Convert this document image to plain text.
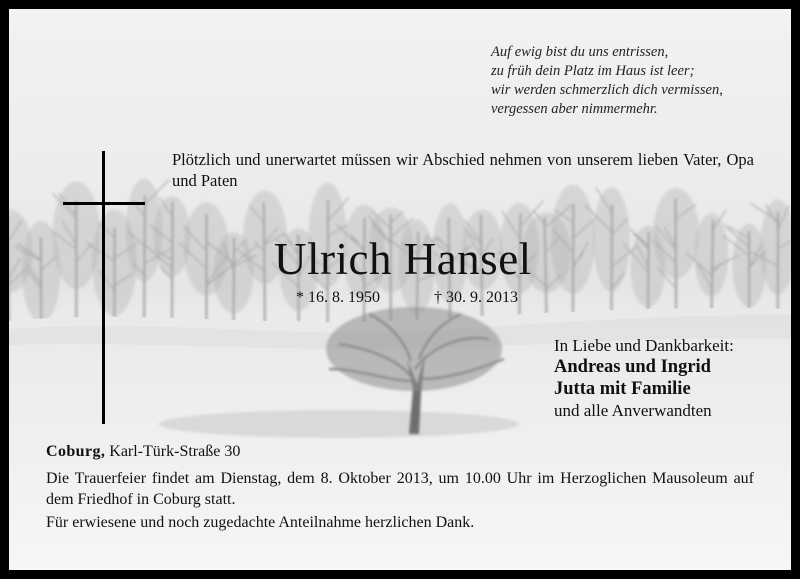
Auf ewig bist du uns entrissen,
zu früh dein Platz im Haus ist leer;
wir werden schmerzlich dich vermissen,
vergessen aber nimmermehr.
Plötzlich und unerwartet müssen wir Abschied nehmen von unserem lieben Vater, Opa und Paten
Ulrich Hansel
* 16. 8. 1950	† 30. 9. 2013
In Liebe und Dankbarkeit:
Andreas und Ingrid
Jutta mit Familie
und alle Anverwandten
Coburg, Karl-Türk-Straße 30
Die Trauerfeier findet am Dienstag, dem 8. Oktober 2013, um 10.00 Uhr im Herzoglichen Mausoleum auf dem Friedhof in Coburg statt.
Für erwiesene und noch zugedachte Anteilnahme herzlichen Dank.
